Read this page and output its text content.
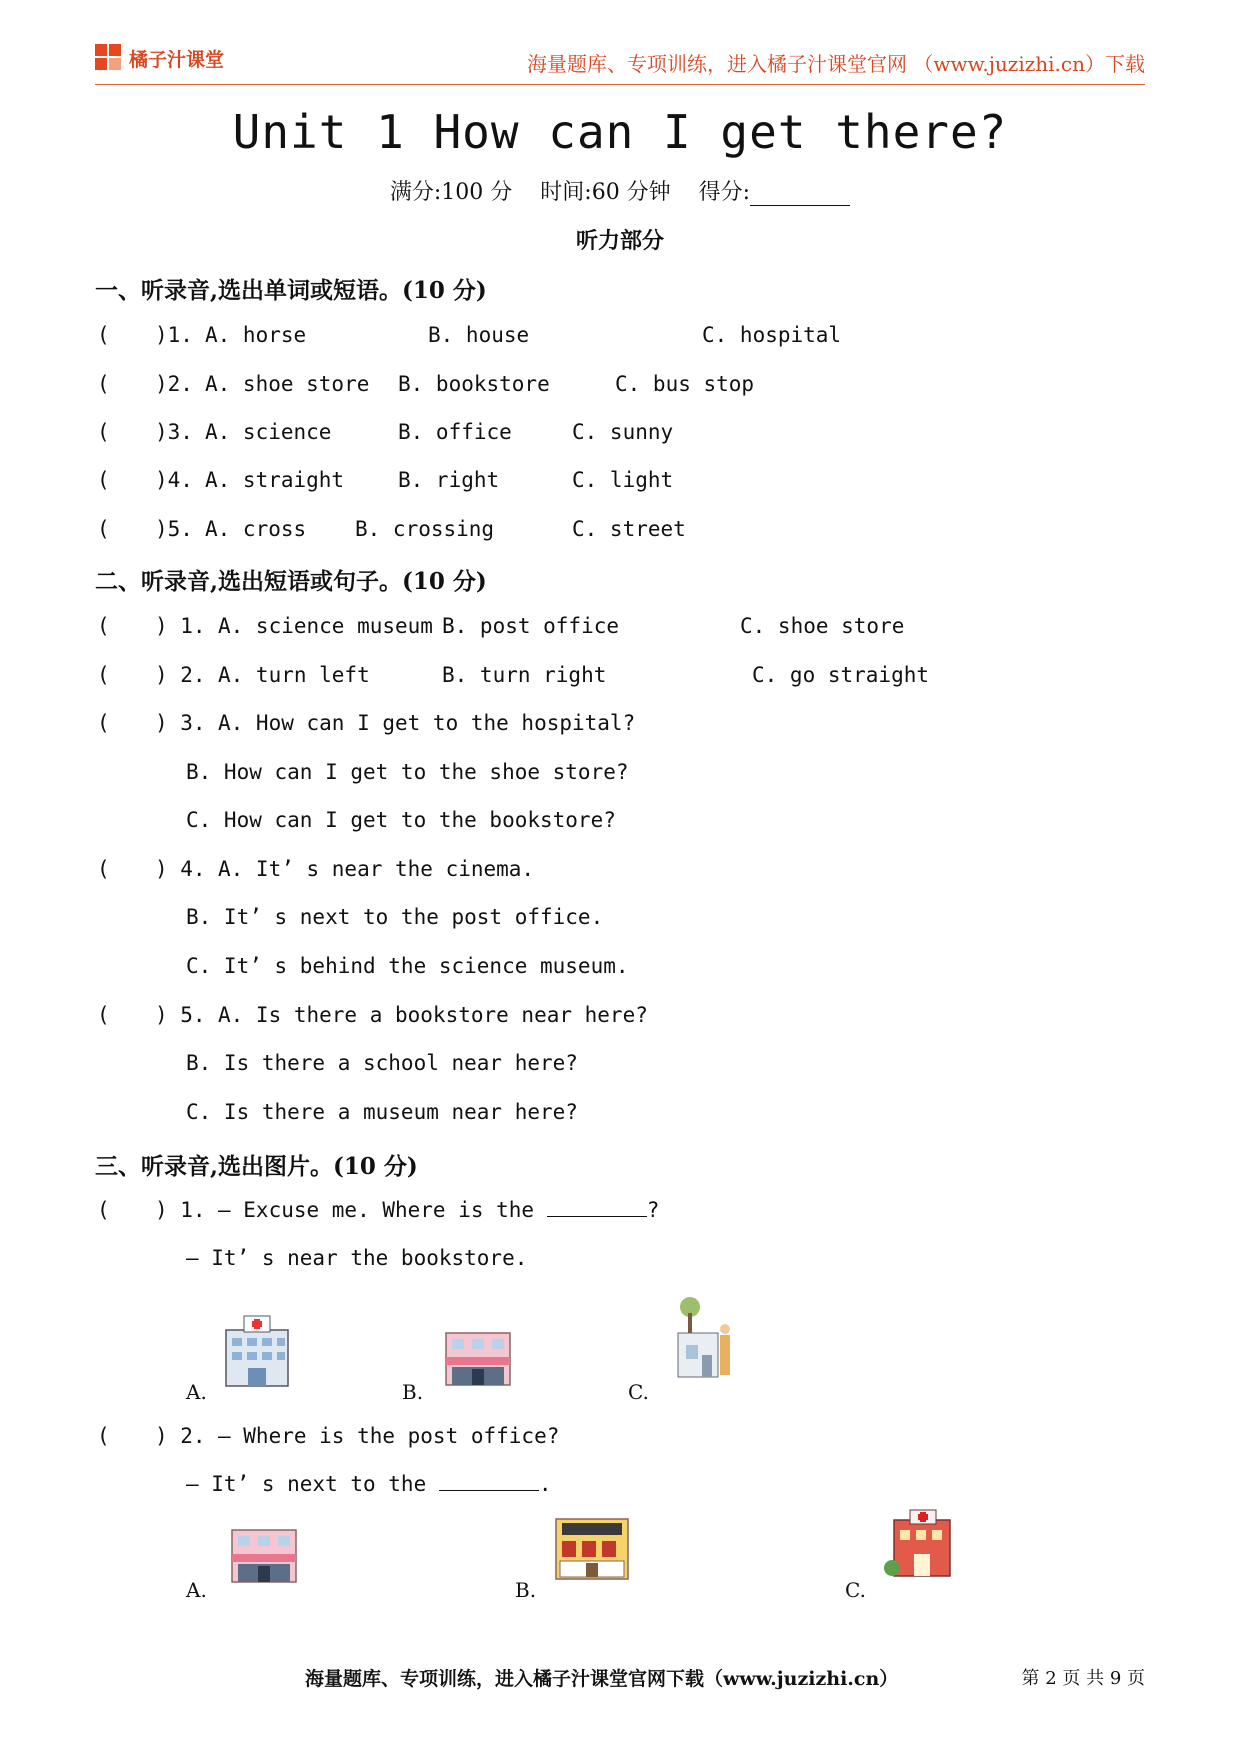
橘子汁课堂	海量题库、专项训练，进入橘子汁课堂官网 （www.juzizhi.cn）下载
Unit 1 How can I get there?
满分:100 分 时间:60 分钟 得分:
听力部分
一、听录音,选出单词或短语。(10 分)
( )1. A. horse	B. house	C. hospital
( )2. A. shoe store B. bookstore	C. bus stop
( )3. A. science	B. office	C. sunny
( )4. A. straight	B. right	C. light
( )5. A. cross B. crossing	C. street
二、听录音,选出短语或句子。(10 分)
( ) 1. A. science museum B. post office	C. shoe store
( ) 2. A. turn left	B. turn right	C. go straight
( ) 3. A. How can I get to the hospital?
B. How can I get to the shoe store?
C. How can I get to the bookstore?
( ) 4. A. It’ s near the cinema.
B. It’ s next to the post office.
C. It’ s behind the science museum.
( ) 5. A. Is there a bookstore near here?
B. Is there a school near here?
C. Is there a museum near here?
三、听录音,选出图片。(10 分)
( ) 1. — Excuse me. Where is the	?
— It’ s near the bookstore.
A.	B.	C.
( ) 2. — Where is the post office?
— It’ s next to the	.
A.	B.	C.
海量题库、专项训练，进入橘子汁课堂官网下载（www.juzizhi.cn）	第 2 页 共 9 页
